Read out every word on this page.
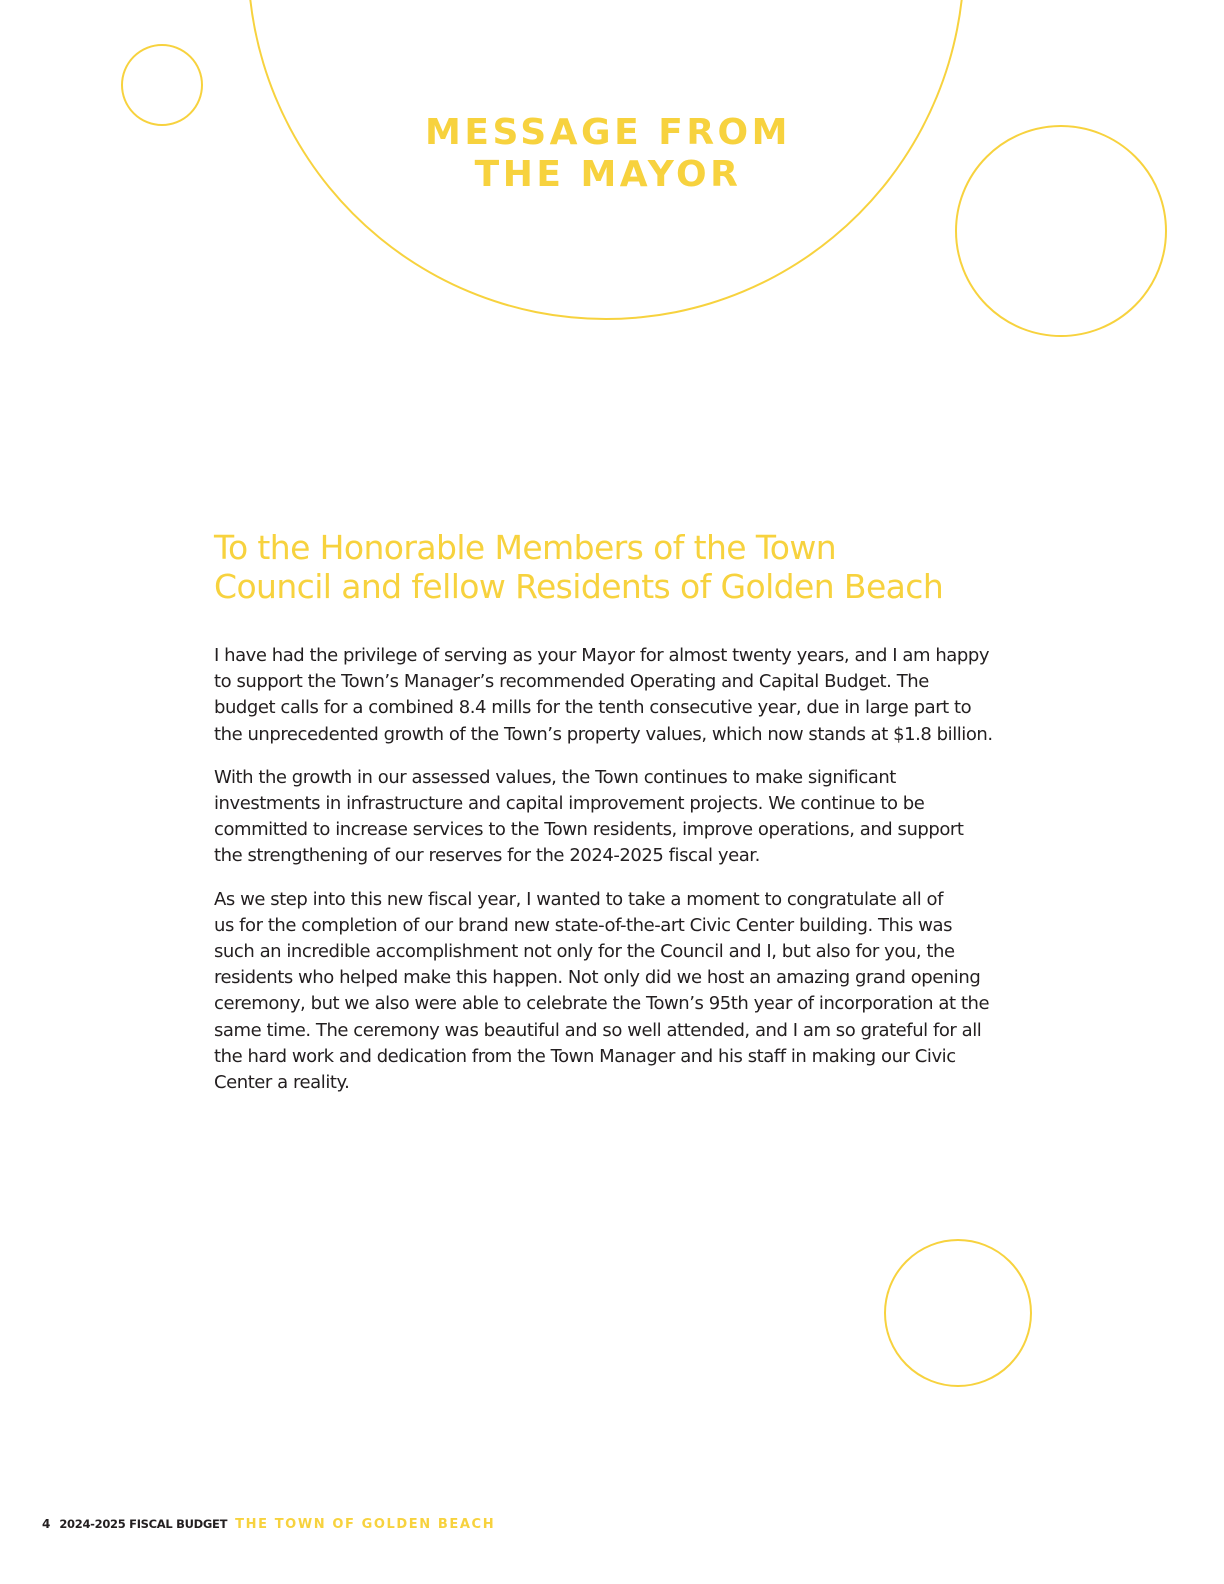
MESSAGE FROM
THE MAYOR
To the Honorable Members of the Town
Council and fellow Residents of Golden Beach

I have had the privilege of serving as your Mayor for almost twenty years, and I am happy
to support the Town’s Manager’s recommended Operating and Capital Budget. The
budget calls for a combined 8.4 mills for the tenth consecutive year, due in large part to
the unprecedented growth of the Town’s property values, which now stands at $1.8 billion.

With the growth in our assessed values, the Town continues to make significant
investments in infrastructure and capital improvement projects. We continue to be
committed to increase services to the Town residents, improve operations, and support
the strengthening of our reserves for the 2024-2025 fiscal year.

As we step into this new fiscal year, I wanted to take a moment to congratulate all of
us for the completion of our brand new state-of-the-art Civic Center building. This was
such an incredible accomplishment not only for the Council and I, but also for you, the
residents who helped make this happen. Not only did we host an amazing grand opening
ceremony, but we also were able to celebrate the Town’s 95th year of incorporation at the
same time. The ceremony was beautiful and so well attended, and I am so grateful for all
the hard work and dedication from the Town Manager and his staff in making our Civic
Center a reality.

4 2024-2025 FISCAL BUDGET THE TOWN OF GOLDEN BEACH
